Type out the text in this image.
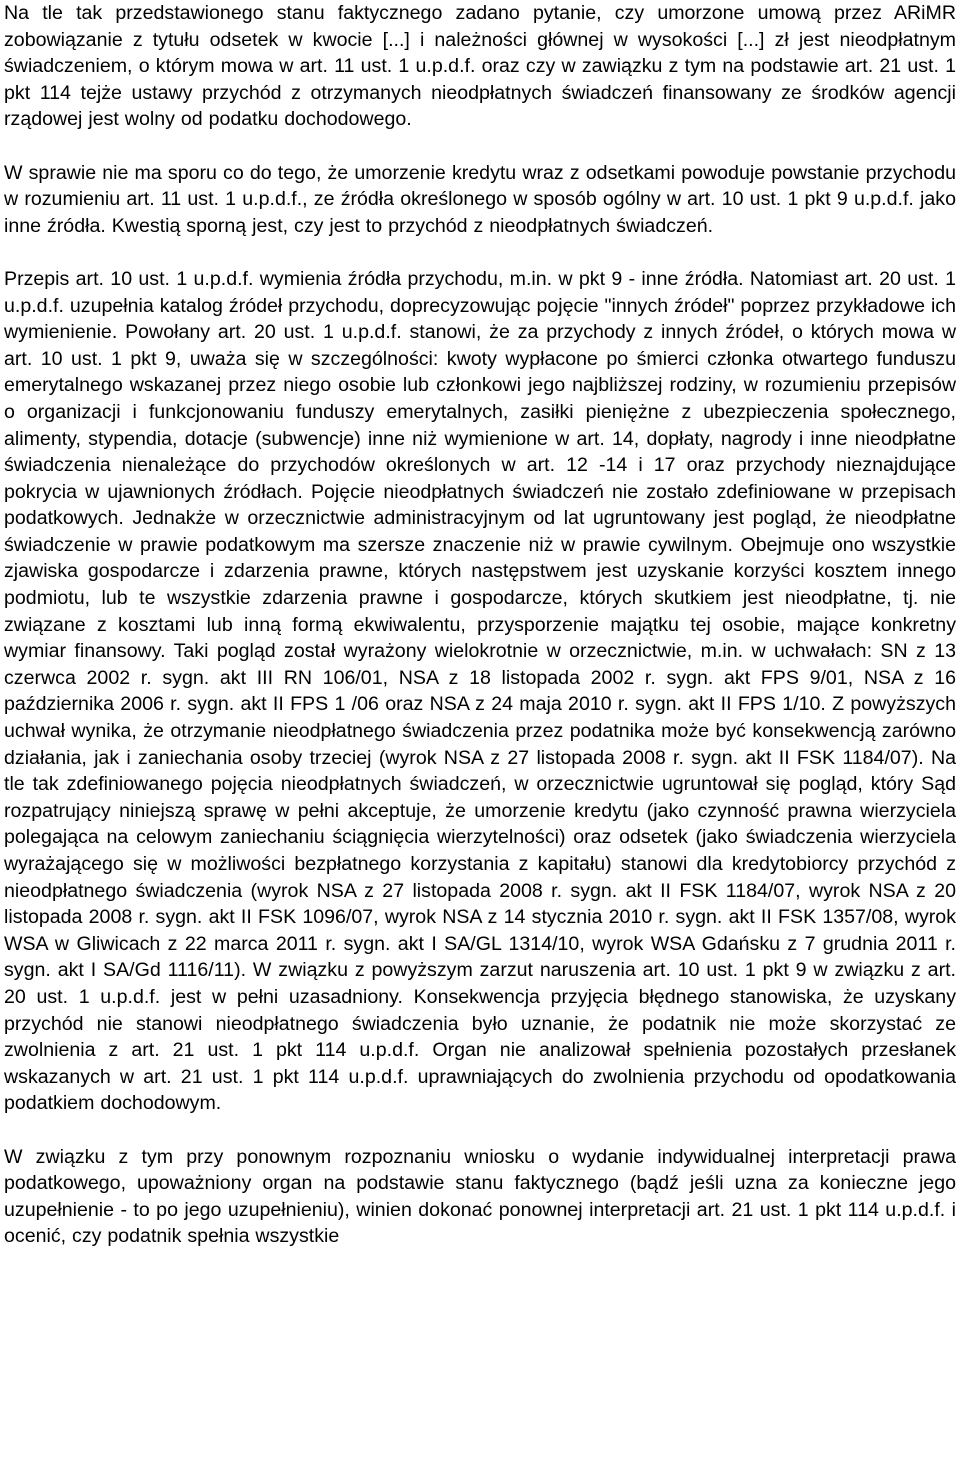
Na tle tak przedstawionego stanu faktycznego zadano pytanie, czy umorzone umową przez ARiMR zobowiązanie z tytułu odsetek w kwocie [...] i należności głównej w wysokości [...] zł jest nieodpłatnym świadczeniem, o którym mowa w art. 11 ust. 1 u.p.d.f. oraz czy w zawiązku z tym na podstawie art. 21 ust. 1 pkt 114 tejże ustawy przychód z otrzymanych nieodpłatnych świadczeń finansowany ze środków agencji rządowej jest wolny od podatku dochodowego.

W sprawie nie ma sporu co do tego, że umorzenie kredytu wraz z odsetkami powoduje powstanie przychodu w rozumieniu art. 11 ust. 1 u.p.d.f., ze źródła określonego w sposób ogólny w art. 10 ust. 1 pkt 9 u.p.d.f. jako inne źródła. Kwestią sporną jest, czy jest to przychód z nieodpłatnych świadczeń.

Przepis art. 10 ust. 1 u.p.d.f. wymienia źródła przychodu, m.in. w pkt 9 - inne źródła. Natomiast art. 20 ust. 1 u.p.d.f. uzupełnia katalog źródeł przychodu, doprecyzowując pojęcie "innych źródeł" poprzez przykładowe ich wymienienie. Powołany art. 20 ust. 1 u.p.d.f. stanowi, że za przychody z innych źródeł, o których mowa w art. 10 ust. 1 pkt 9, uważa się w szczególności: kwoty wypłacone po śmierci członka otwartego funduszu emerytalnego wskazanej przez niego osobie lub członkowi jego najbliższej rodziny, w rozumieniu przepisów o organizacji i funkcjonowaniu funduszy emerytalnych, zasiłki pieniężne z ubezpieczenia społecznego, alimenty, stypendia, dotacje (subwencje) inne niż wymienione w art. 14, dopłaty, nagrody i inne nieodpłatne świadczenia nienależące do przychodów określonych w art. 12 -14 i 17 oraz przychody nieznajdujące pokrycia w ujawnionych źródłach. Pojęcie nieodpłatnych świadczeń nie zostało zdefiniowane w przepisach podatkowych. Jednakże w orzecznictwie administracyjnym od lat ugruntowany jest pogląd, że nieodpłatne świadczenie w prawie podatkowym ma szersze znaczenie niż w prawie cywilnym. Obejmuje ono wszystkie zjawiska gospodarcze i zdarzenia prawne, których następstwem jest uzyskanie korzyści kosztem innego podmiotu, lub te wszystkie zdarzenia prawne i gospodarcze, których skutkiem jest nieodpłatne, tj. nie związane z kosztami lub inną formą ekwiwalentu, przysporzenie majątku tej osobie, mające konkretny wymiar finansowy. Taki pogląd został wyrażony wielokrotnie w orzecznictwie, m.in. w uchwałach: SN z 13 czerwca 2002 r. sygn. akt III RN 106/01, NSA z 18 listopada 2002 r. sygn. akt FPS 9/01, NSA z 16 października 2006 r. sygn. akt II FPS 1 /06 oraz NSA z 24 maja 2010 r. sygn. akt II FPS 1/10. Z powyższych uchwał wynika, że otrzymanie nieodpłatnego świadczenia przez podatnika może być konsekwencją zarówno działania, jak i zaniechania osoby trzeciej (wyrok NSA z 27 listopada 2008 r. sygn. akt II FSK 1184/07). Na tle tak zdefiniowanego pojęcia nieodpłatnych świadczeń, w orzecznictwie ugruntował się pogląd, który Sąd rozpatrujący niniejszą sprawę w pełni akceptuje, że umorzenie kredytu (jako czynność prawna wierzyciela polegająca na celowym zaniechaniu ściągnięcia wierzytelności) oraz odsetek (jako świadczenia wierzyciela wyrażającego się w możliwości bezpłatnego korzystania z kapitału) stanowi dla kredytobiorcy przychód z nieodpłatnego świadczenia (wyrok NSA z 27 listopada 2008 r. sygn. akt II FSK 1184/07, wyrok NSA z 20 listopada 2008 r. sygn. akt II FSK 1096/07, wyrok NSA z 14 stycznia 2010 r. sygn. akt II FSK 1357/08, wyrok WSA w Gliwicach z 22 marca 2011 r. sygn. akt I SA/GL 1314/10, wyrok WSA Gdańsku z 7 grudnia 2011 r. sygn. akt I SA/Gd 1116/11). W związku z powyższym zarzut naruszenia art. 10 ust. 1 pkt 9 w związku z art. 20 ust. 1 u.p.d.f. jest w pełni uzasadniony. Konsekwencja przyjęcia błędnego stanowiska, że uzyskany przychód nie stanowi nieodpłatnego świadczenia było uznanie, że podatnik nie może skorzystać ze zwolnienia z art. 21 ust. 1 pkt 114 u.p.d.f. Organ nie analizował spełnienia pozostałych przesłanek wskazanych w art. 21 ust. 1 pkt 114 u.p.d.f. uprawniających do zwolnienia przychodu od opodatkowania podatkiem dochodowym.

W związku z tym przy ponownym rozpoznaniu wniosku o wydanie indywidualnej interpretacji prawa podatkowego, upoważniony organ na podstawie stanu faktycznego (bądź jeśli uzna za konieczne jego uzupełnienie - to po jego uzupełnieniu), winien dokonać ponownej interpretacji art. 21 ust. 1 pkt 114 u.p.d.f. i ocenić, czy podatnik spełnia wszystkie
